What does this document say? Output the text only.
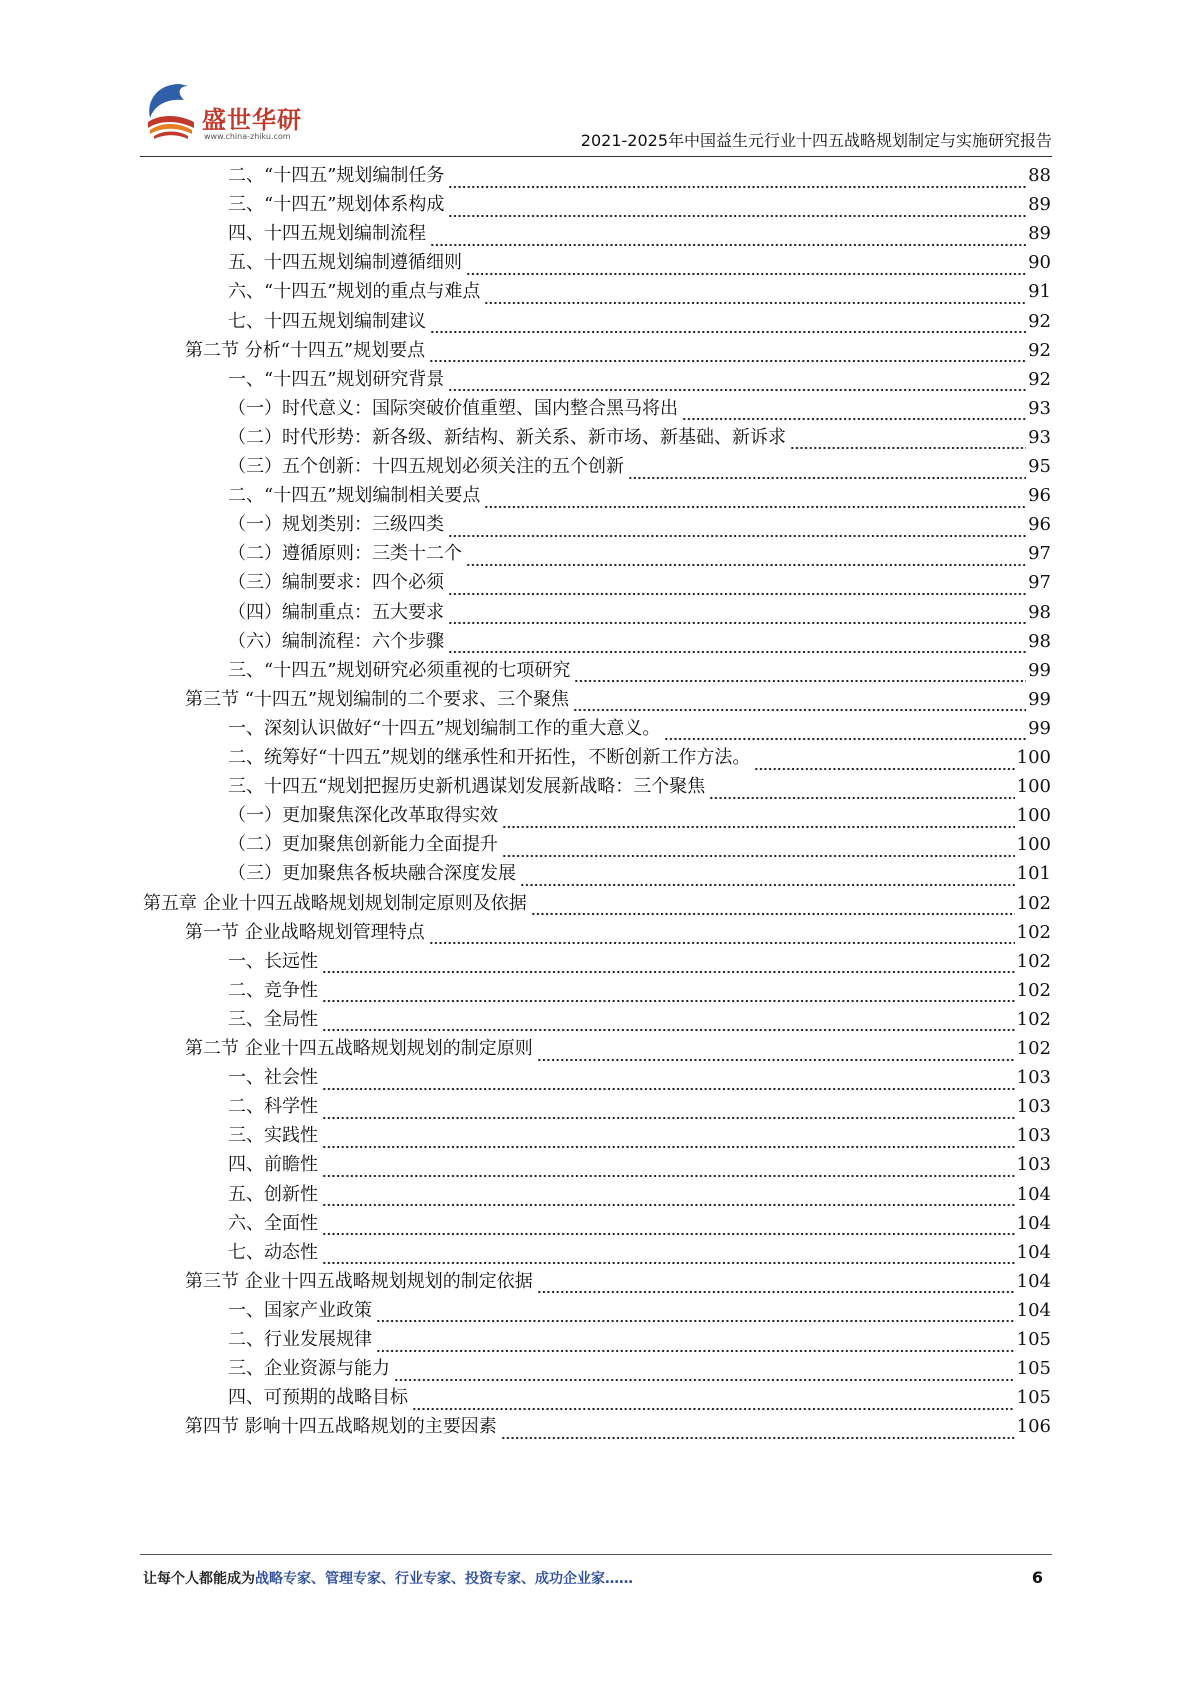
盛世华研
www.china-zhiku.com	2021-2025年中国益生元行业十四五战略规划制定与实施研究报告
二、“十四五”规划编制任务	88
三、“十四五”规划体系构成	89
四、十四五规划编制流程	89
五、十四五规划编制遵循细则	90
六、“十四五”规划的重点与难点	91
七、十四五规划编制建议	92
第二节 分析“十四五”规划要点	92
一、“十四五”规划研究背景	92
（一）时代意义：国际突破价值重塑、国内整合黑马将出	93
（二）时代形势：新各级、新结构、新关系、新市场、新基础、新诉求	93
（三）五个创新：十四五规划必须关注的五个创新	95
二、“十四五”规划编制相关要点	96
（一）规划类别：三级四类	96
（二）遵循原则：三类十二个	97
（三）编制要求：四个必须	97
（四）编制重点：五大要求	98
（六）编制流程：六个步骤	98
三、“十四五”规划研究必须重视的七项研究	99
第三节 “十四五”规划编制的二个要求、三个聚焦	99
一、深刻认识做好“十四五”规划编制工作的重大意义。	99
二、统筹好“十四五”规划的继承性和开拓性，不断创新工作方法。	100
三、十四五“规划把握历史新机遇谋划发展新战略：三个聚焦	100
（一）更加聚焦深化改革取得实效	100
（二）更加聚焦创新能力全面提升	100
（三）更加聚焦各板块融合深度发展	101
第五章 企业十四五战略规划规划制定原则及依据	102
第一节 企业战略规划管理特点	102
一、长远性	102
二、竞争性	102
三、全局性	102
第二节 企业十四五战略规划规划的制定原则	102
一、社会性	103
二、科学性	103
三、实践性	103
四、前瞻性	103
五、创新性	104
六、全面性	104
七、动态性	104
第三节 企业十四五战略规划规划的制定依据	104
一、国家产业政策	104
二、行业发展规律	105
三、企业资源与能力	105
四、可预期的战略目标	105
第四节 影响十四五战略规划的主要因素	106
让每个人都能成为战略专家、管理专家、行业专家、投资专家、成功企业家……	6
